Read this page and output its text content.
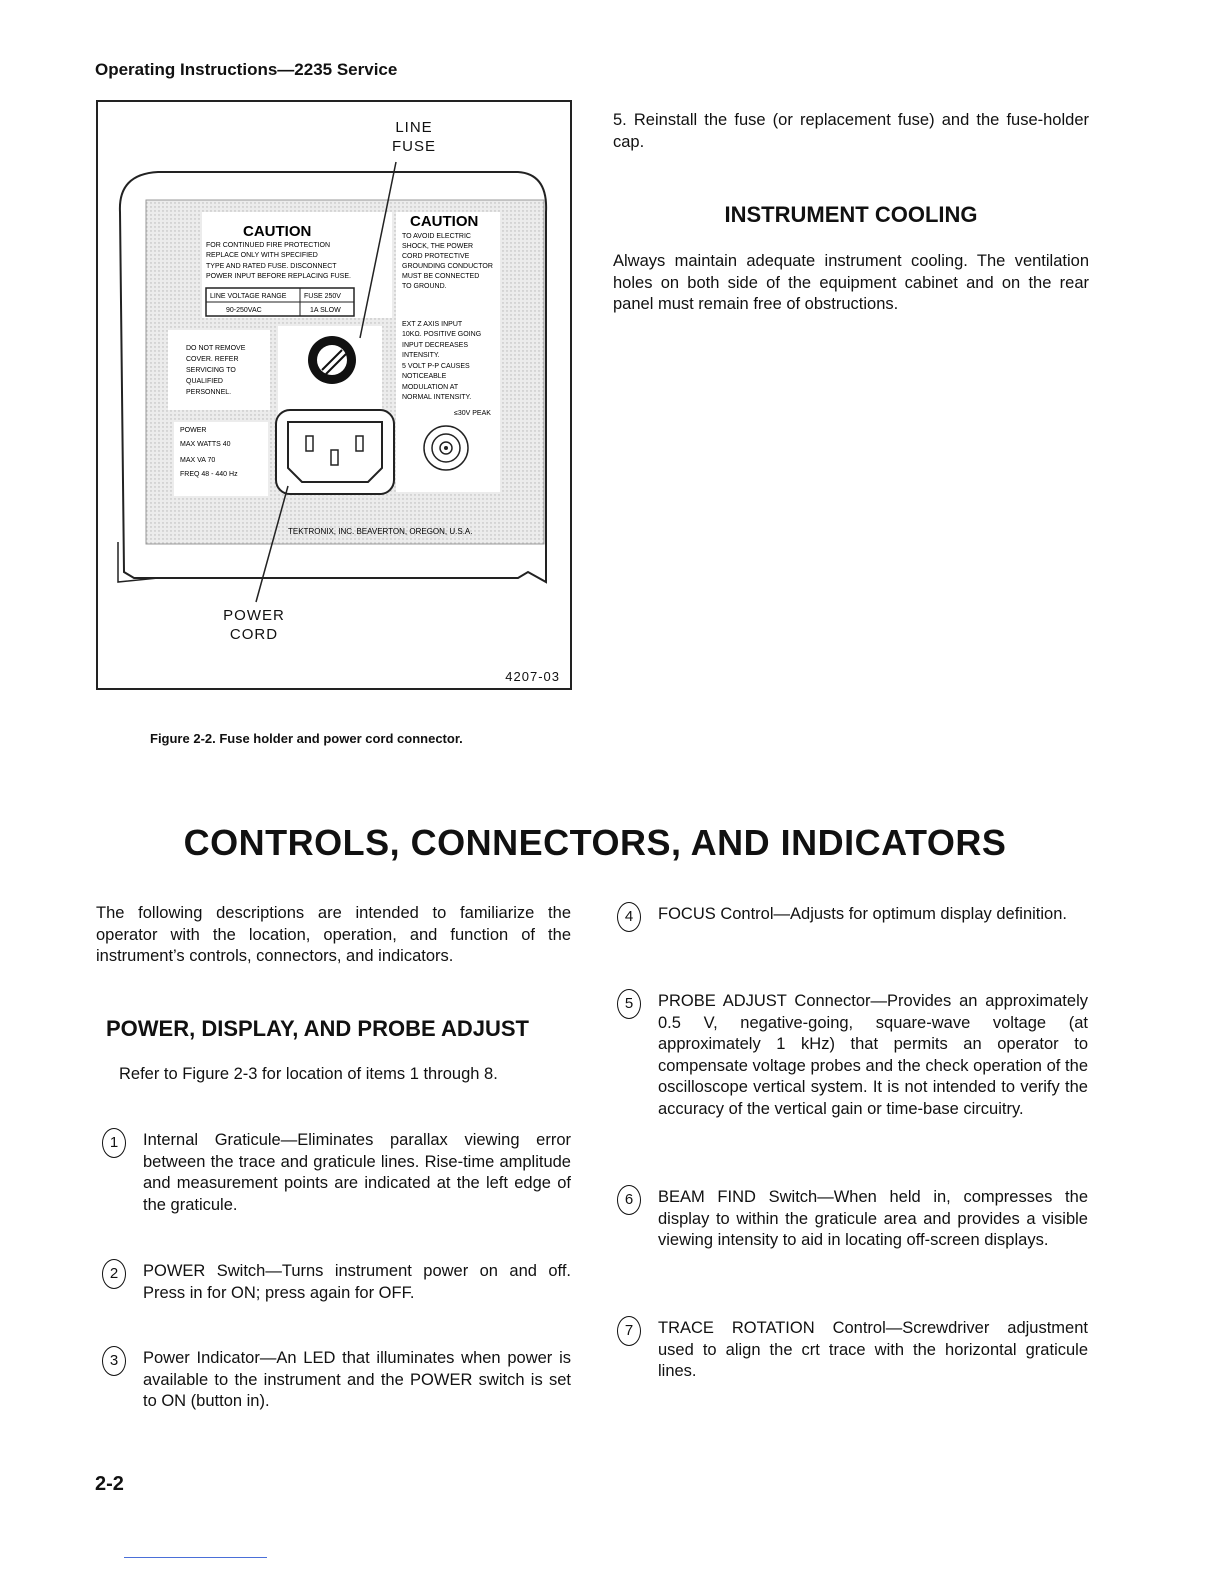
Operating Instructions—2235 Service
CAUTION
FOR CONTINUED FIRE PROTECTION
REPLACE ONLY WITH SPECIFIED
TYPE AND RATED FUSE. DISCONNECT
POWER INPUT BEFORE REPLACING FUSE.
LINE VOLTAGE RANGE	FUSE 250V
90-250VAC	1A SLOW
CAUTION
TO AVOID ELECTRIC
SHOCK, THE POWER
CORD PROTECTIVE
GROUNDING CONDUCTOR
MUST BE CONNECTED
TO GROUND.
EXT Z AXIS INPUT
10KΩ. POSITIVE GOING
INPUT DECREASES
INTENSITY.
5 VOLT P-P CAUSES
NOTICEABLE
MODULATION AT
NORMAL INTENSITY.
≤30V PEAK
DO NOT REMOVE
COVER. REFER
SERVICING TO
QUALIFIED
PERSONNEL.
POWER
MAX WATTS 40
MAX VA 70
FREQ 48 - 440 Hz
TEKTRONIX, INC. BEAVERTON, OREGON, U.S.A.
LINE
FUSE
POWER
CORD
4207-03
Figure 2-2. Fuse holder and power cord connector.
5. Reinstall the fuse (or replacement fuse) and the fuse-holder cap.
INSTRUMENT COOLING
Always maintain adequate instrument cooling. The ventilation holes on both side of the equipment cabinet and on the rear panel must remain free of obstructions.
CONTROLS, CONNECTORS, AND INDICATORS
The following descriptions are intended to familiarize the operator with the location, operation, and function of the instrument’s controls, connectors, and indicators.
POWER, DISPLAY, AND PROBE ADJUST
Refer to Figure 2-3 for location of items 1 through 8.
1	Internal Graticule—Eliminates parallax viewing error between the trace and graticule lines. Rise-time amplitude and measurement points are indicated at the left edge of the graticule.
2	POWER Switch—Turns instrument power on and off. Press in for ON; press again for OFF.
3	Power Indicator—An LED that illuminates when power is available to the instrument and the POWER switch is set to ON (button in).
4	FOCUS Control—Adjusts for optimum display definition.
5	PROBE ADJUST Connector—Provides an approximately 0.5 V, negative-going, square-wave voltage (at approximately 1 kHz) that permits an operator to compensate voltage probes and the check operation of the oscilloscope vertical system. It is not intended to verify the accuracy of the vertical gain or time-base circuitry.
6	BEAM FIND Switch—When held in, compresses the display to within the graticule area and provides a visible viewing intensity to aid in locating off-screen displays.
7	TRACE ROTATION Control—Screwdriver adjustment used to align the crt trace with the horizontal graticule lines.
2-2
